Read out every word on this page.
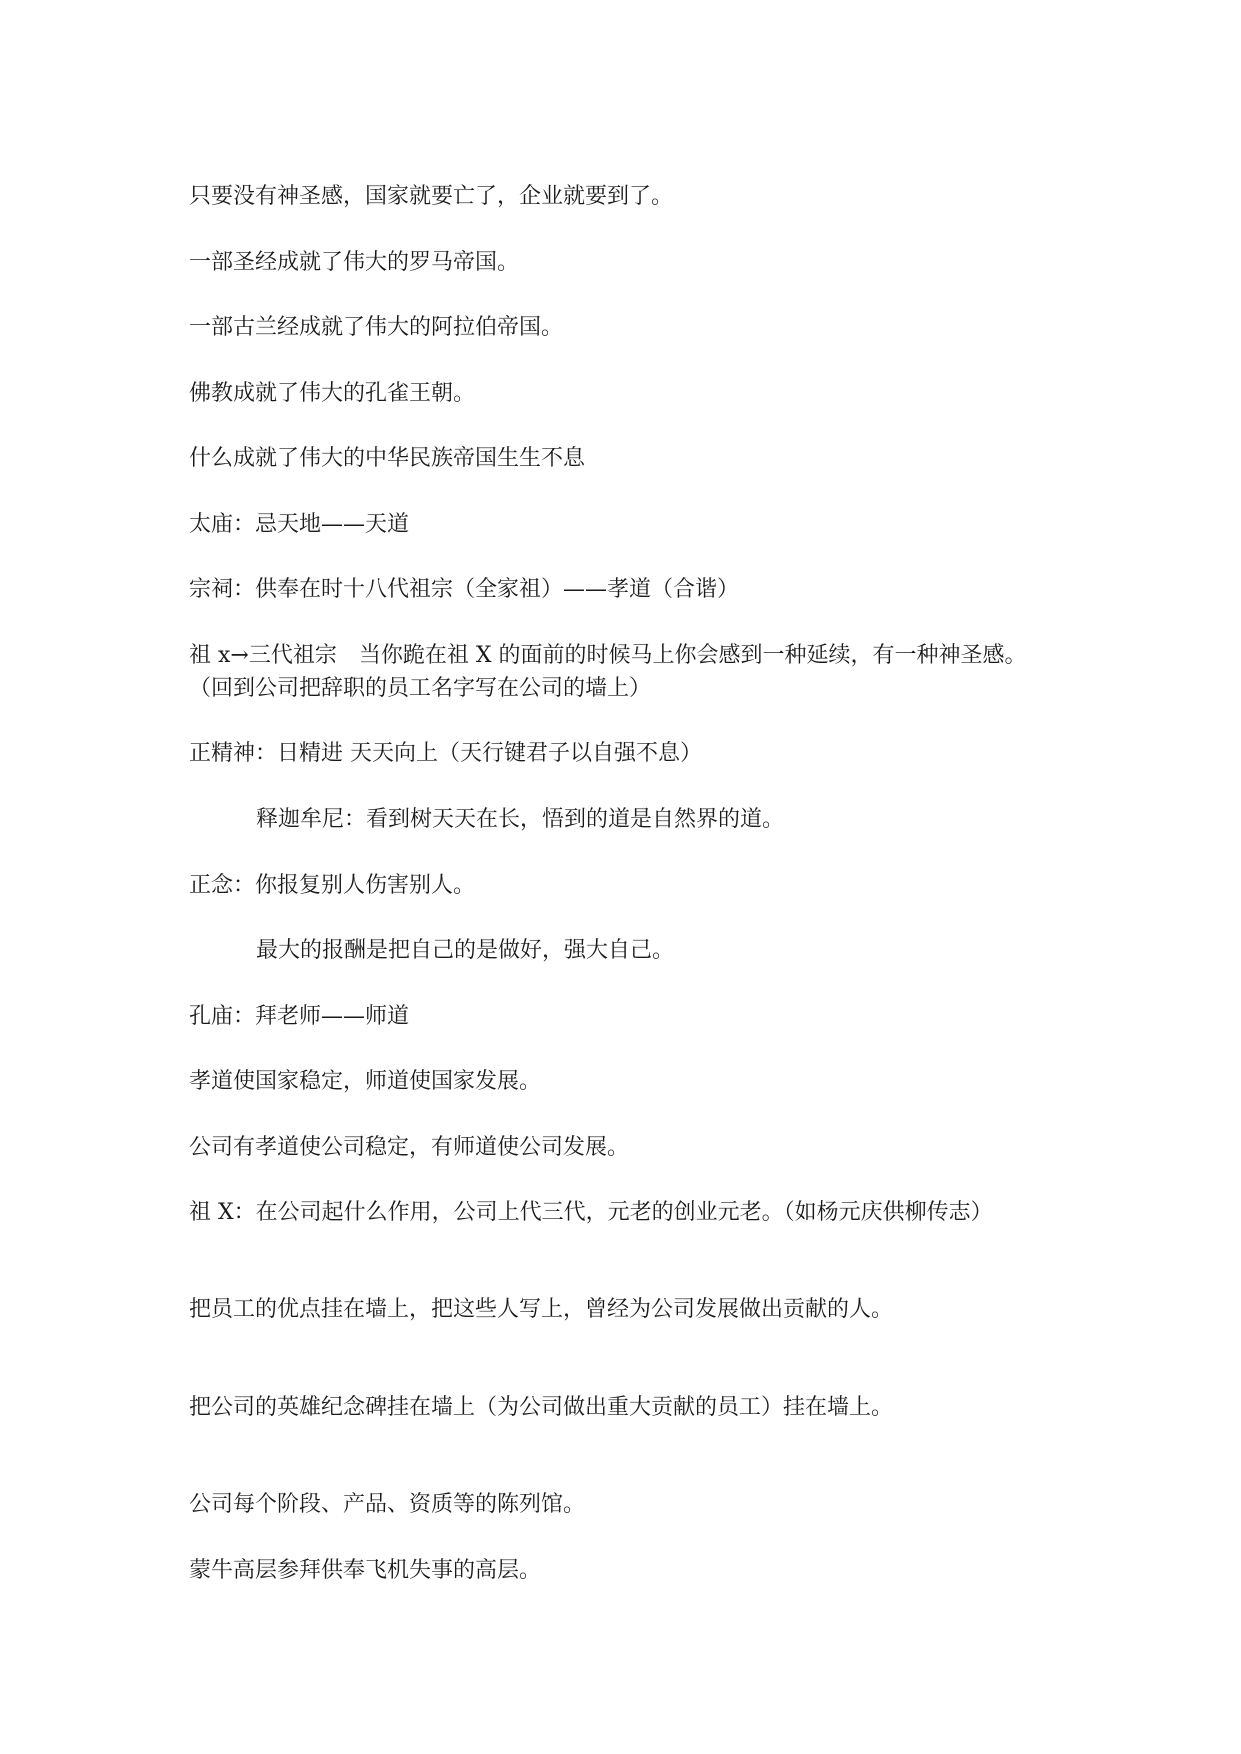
只要没有神圣感，国家就要亡了，企业就要到了。
一部圣经成就了伟大的罗马帝国。
一部古兰经成就了伟大的阿拉伯帝国。
佛教成就了伟大的孔雀王朝。
什么成就了伟大的中华民族帝国生生不息
太庙：忌天地——天道
宗祠：供奉在时十八代祖宗（全家祖）——孝道（合谐）
祖 x→三代祖宗　当你跪在祖 X 的面前的时候马上你会感到一种延续，有一种神圣感。
（回到公司把辞职的员工名字写在公司的墙上）
正精神：日精进 天天向上（天行键君子以自强不息）
释迦牟尼：看到树天天在长，悟到的道是自然界的道。
正念：你报复别人伤害别人。
最大的报酬是把自己的是做好，强大自己。
孔庙：拜老师——师道
孝道使国家稳定，师道使国家发展。
公司有孝道使公司稳定，有师道使公司发展。
祖 X：在公司起什么作用，公司上代三代，元老的创业元老。（如杨元庆供柳传志）
把员工的优点挂在墙上，把这些人写上，曾经为公司发展做出贡献的人。
把公司的英雄纪念碑挂在墙上（为公司做出重大贡献的员工）挂在墙上。
公司每个阶段、产品、资质等的陈列馆。
蒙牛高层参拜供奉飞机失事的高层。
